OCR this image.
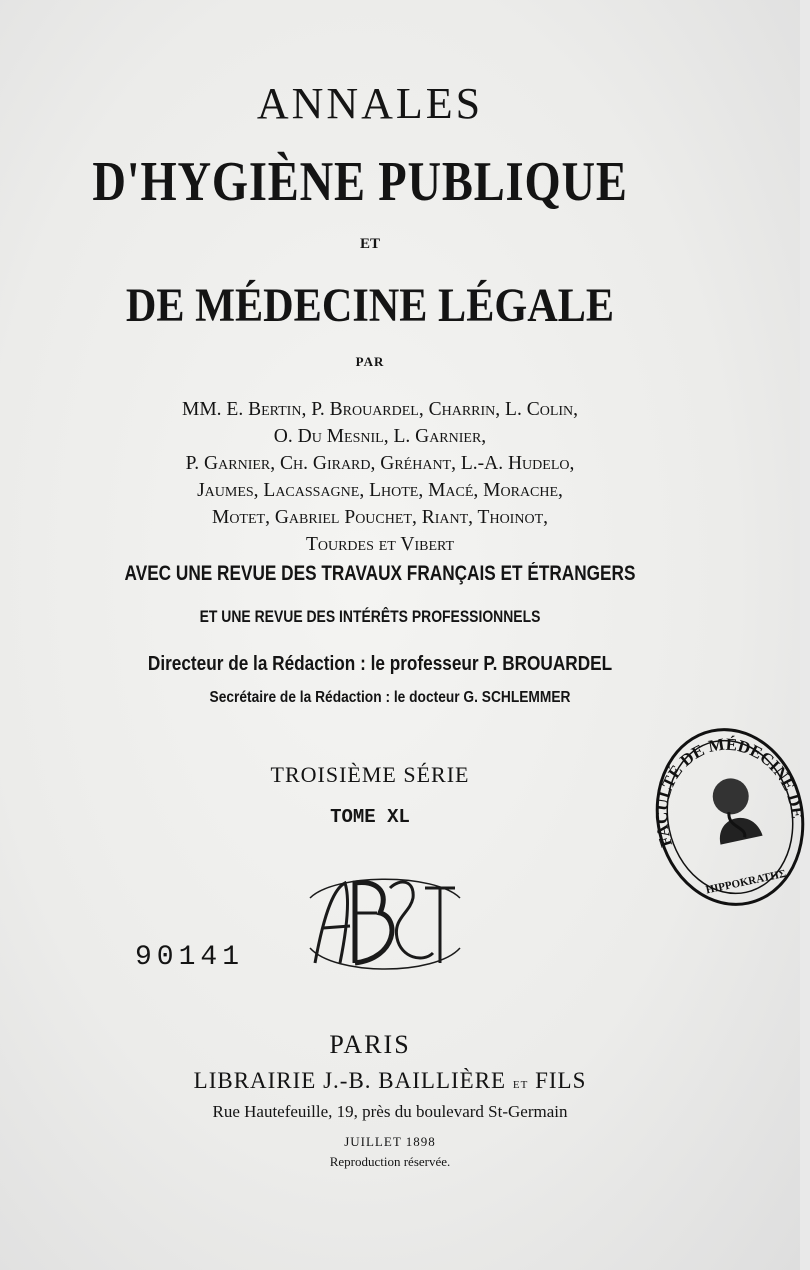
ANNALES
D'HYGIÈNE PUBLIQUE
ET
DE MÉDECINE LÉGALE
PAR
MM. E. Bertin, P. Brouardel, Charrin, L. Colin,
O. Du Mesnil, L. Garnier,
P. Garnier, Ch. Girard, Gréhant, L.-A. Hudelo,
Jaumes, Lacassagne, Lhote, Macé, Morache,
Motet, Gabriel Pouchet, Riant, Thoinot,
Tourdes et Vibert
AVEC UNE REVUE DES TRAVAUX FRANÇAIS ET ÉTRANGERS
ET UNE REVUE DES INTÉRÊTS PROFESSIONNELS
Directeur de la Rédaction : le professeur P. BROUARDEL
Secrétaire de la Rédaction : le docteur G. SCHLEMMER
TROISIÈME SÉRIE
TOME XL
90141
FACULTÉ DE MÉDECINE DE
HIPPOKRATHΣ
PARIS
LIBRAIRIE J.-B. BAILLIÈRE et FILS
Rue Hautefeuille, 19, près du boulevard St-Germain
JUILLET 1898
Reproduction réservée.
